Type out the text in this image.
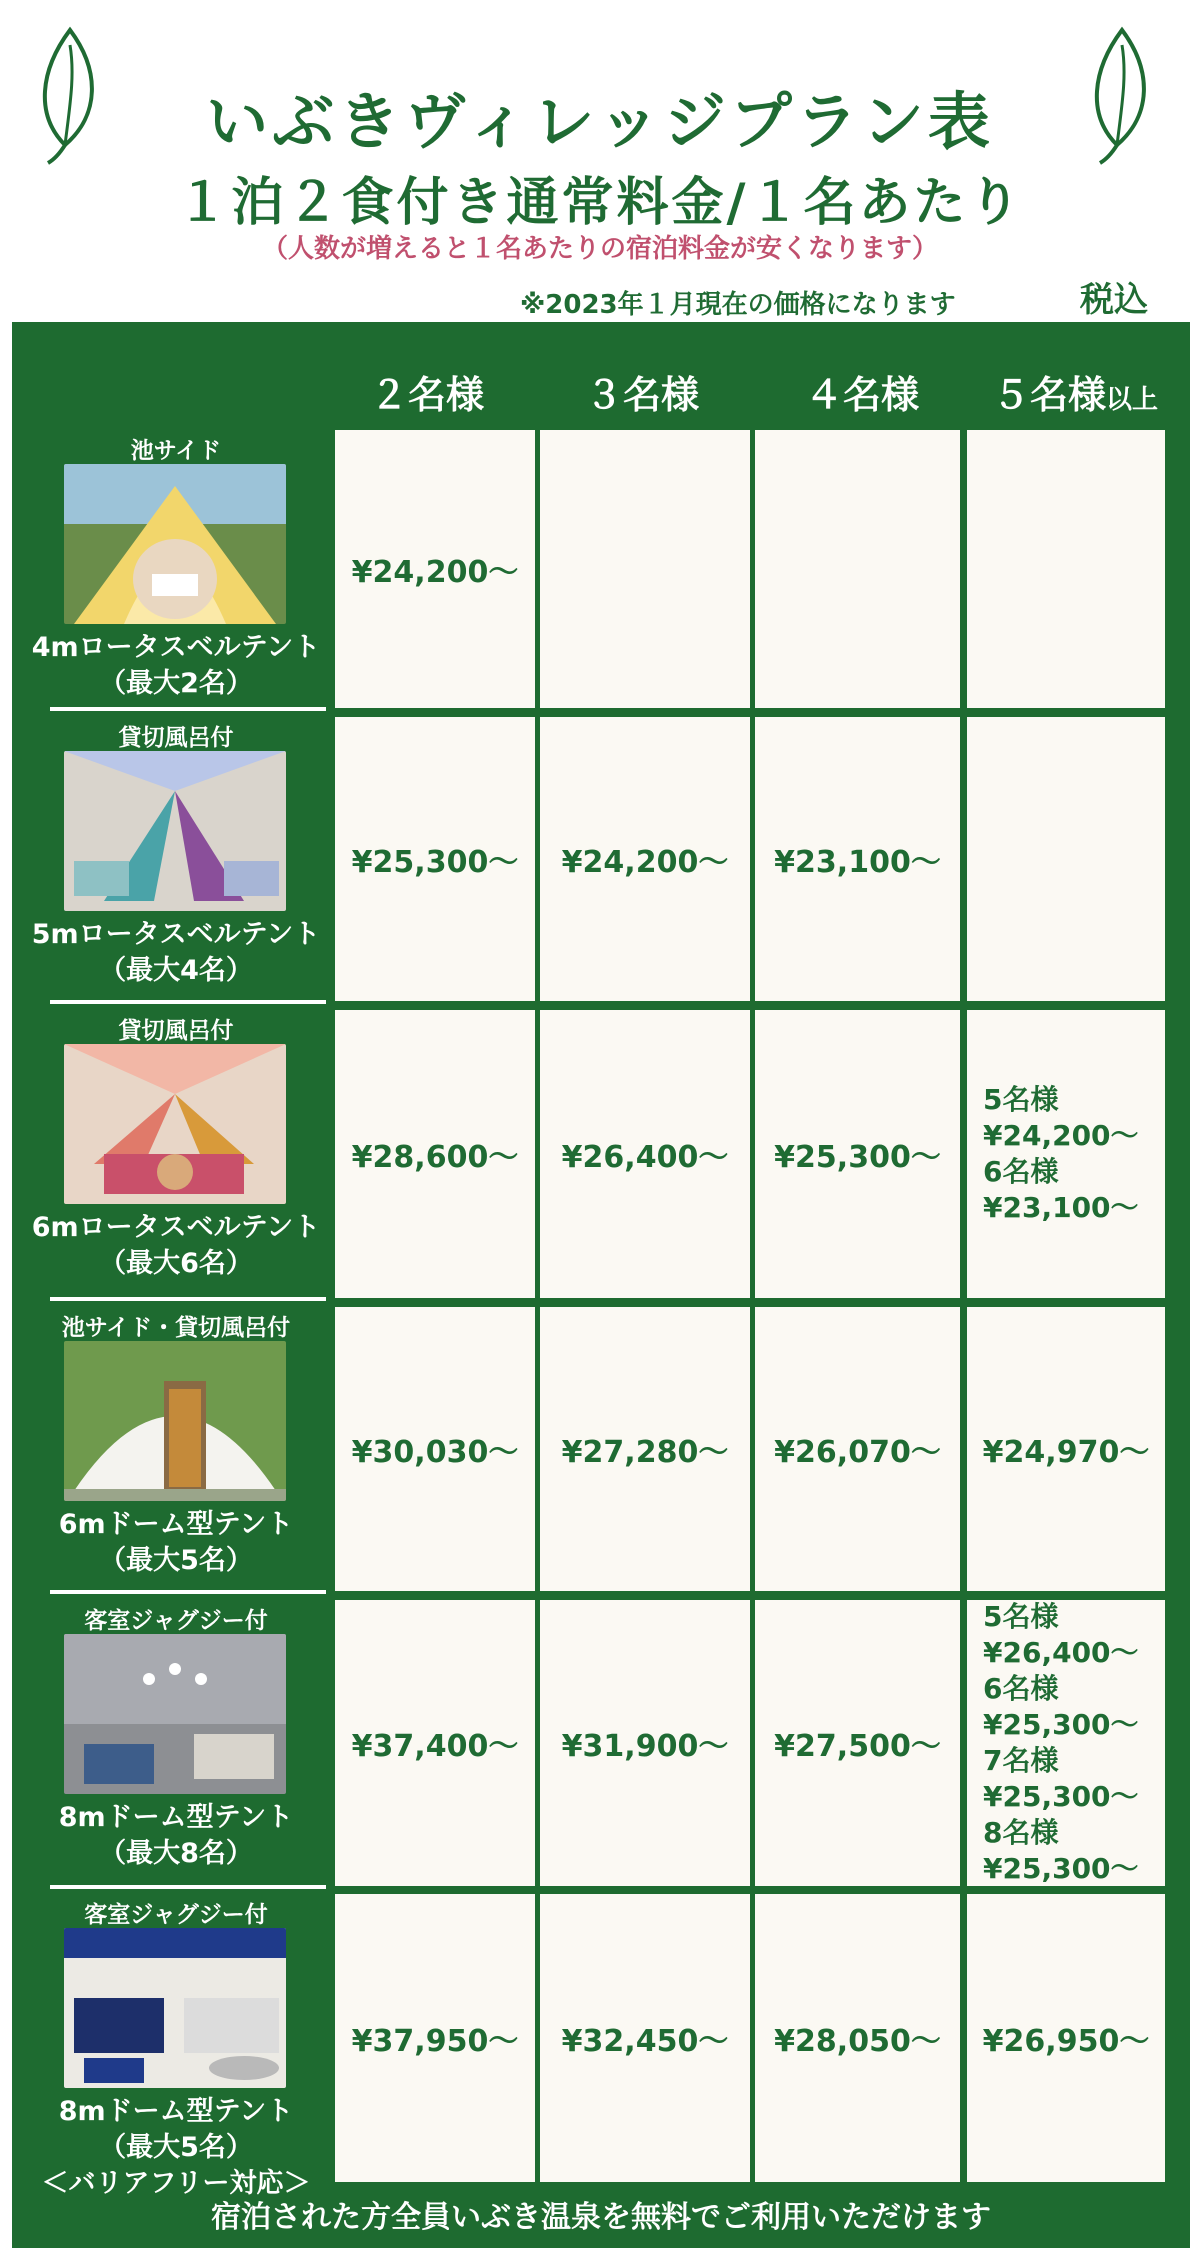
いぶきヴィレッジプラン表
１泊２食付き通常料金/１名あたり
（人数が増えると１名あたりの宿泊料金が安くなります）
※2023年１月現在の価格になります	税込
２名様	３名様	４名様	５名様以上
池サイド
4mロータスベルテント
（最大2名）
¥24,200～
貸切風呂付
5mロータスベルテント
（最大4名）
¥25,300～ ¥24,200～ ¥23,100～
貸切風呂付
6mロータスベルテント
（最大6名）
¥28,600～ ¥26,400～ ¥25,300～
5名様
¥24,200～
6名様
¥23,100～
池サイド・貸切風呂付
6mドーム型テント
（最大5名）
¥30,030～ ¥27,280～ ¥26,070～ ¥24,970～
客室ジャグジー付
8mドーム型テント
（最大8名）
¥37,400～ ¥31,900～ ¥27,500～
5名様
¥26,400～
6名様
¥25,300～
7名様
¥25,300～
8名様
¥25,300～
客室ジャグジー付
8mドーム型テント
（最大5名）
＜バリアフリー対応＞
¥37,950～ ¥32,450～ ¥28,050～ ¥26,950～
宿泊された方全員いぶき温泉を無料でご利用いただけます
